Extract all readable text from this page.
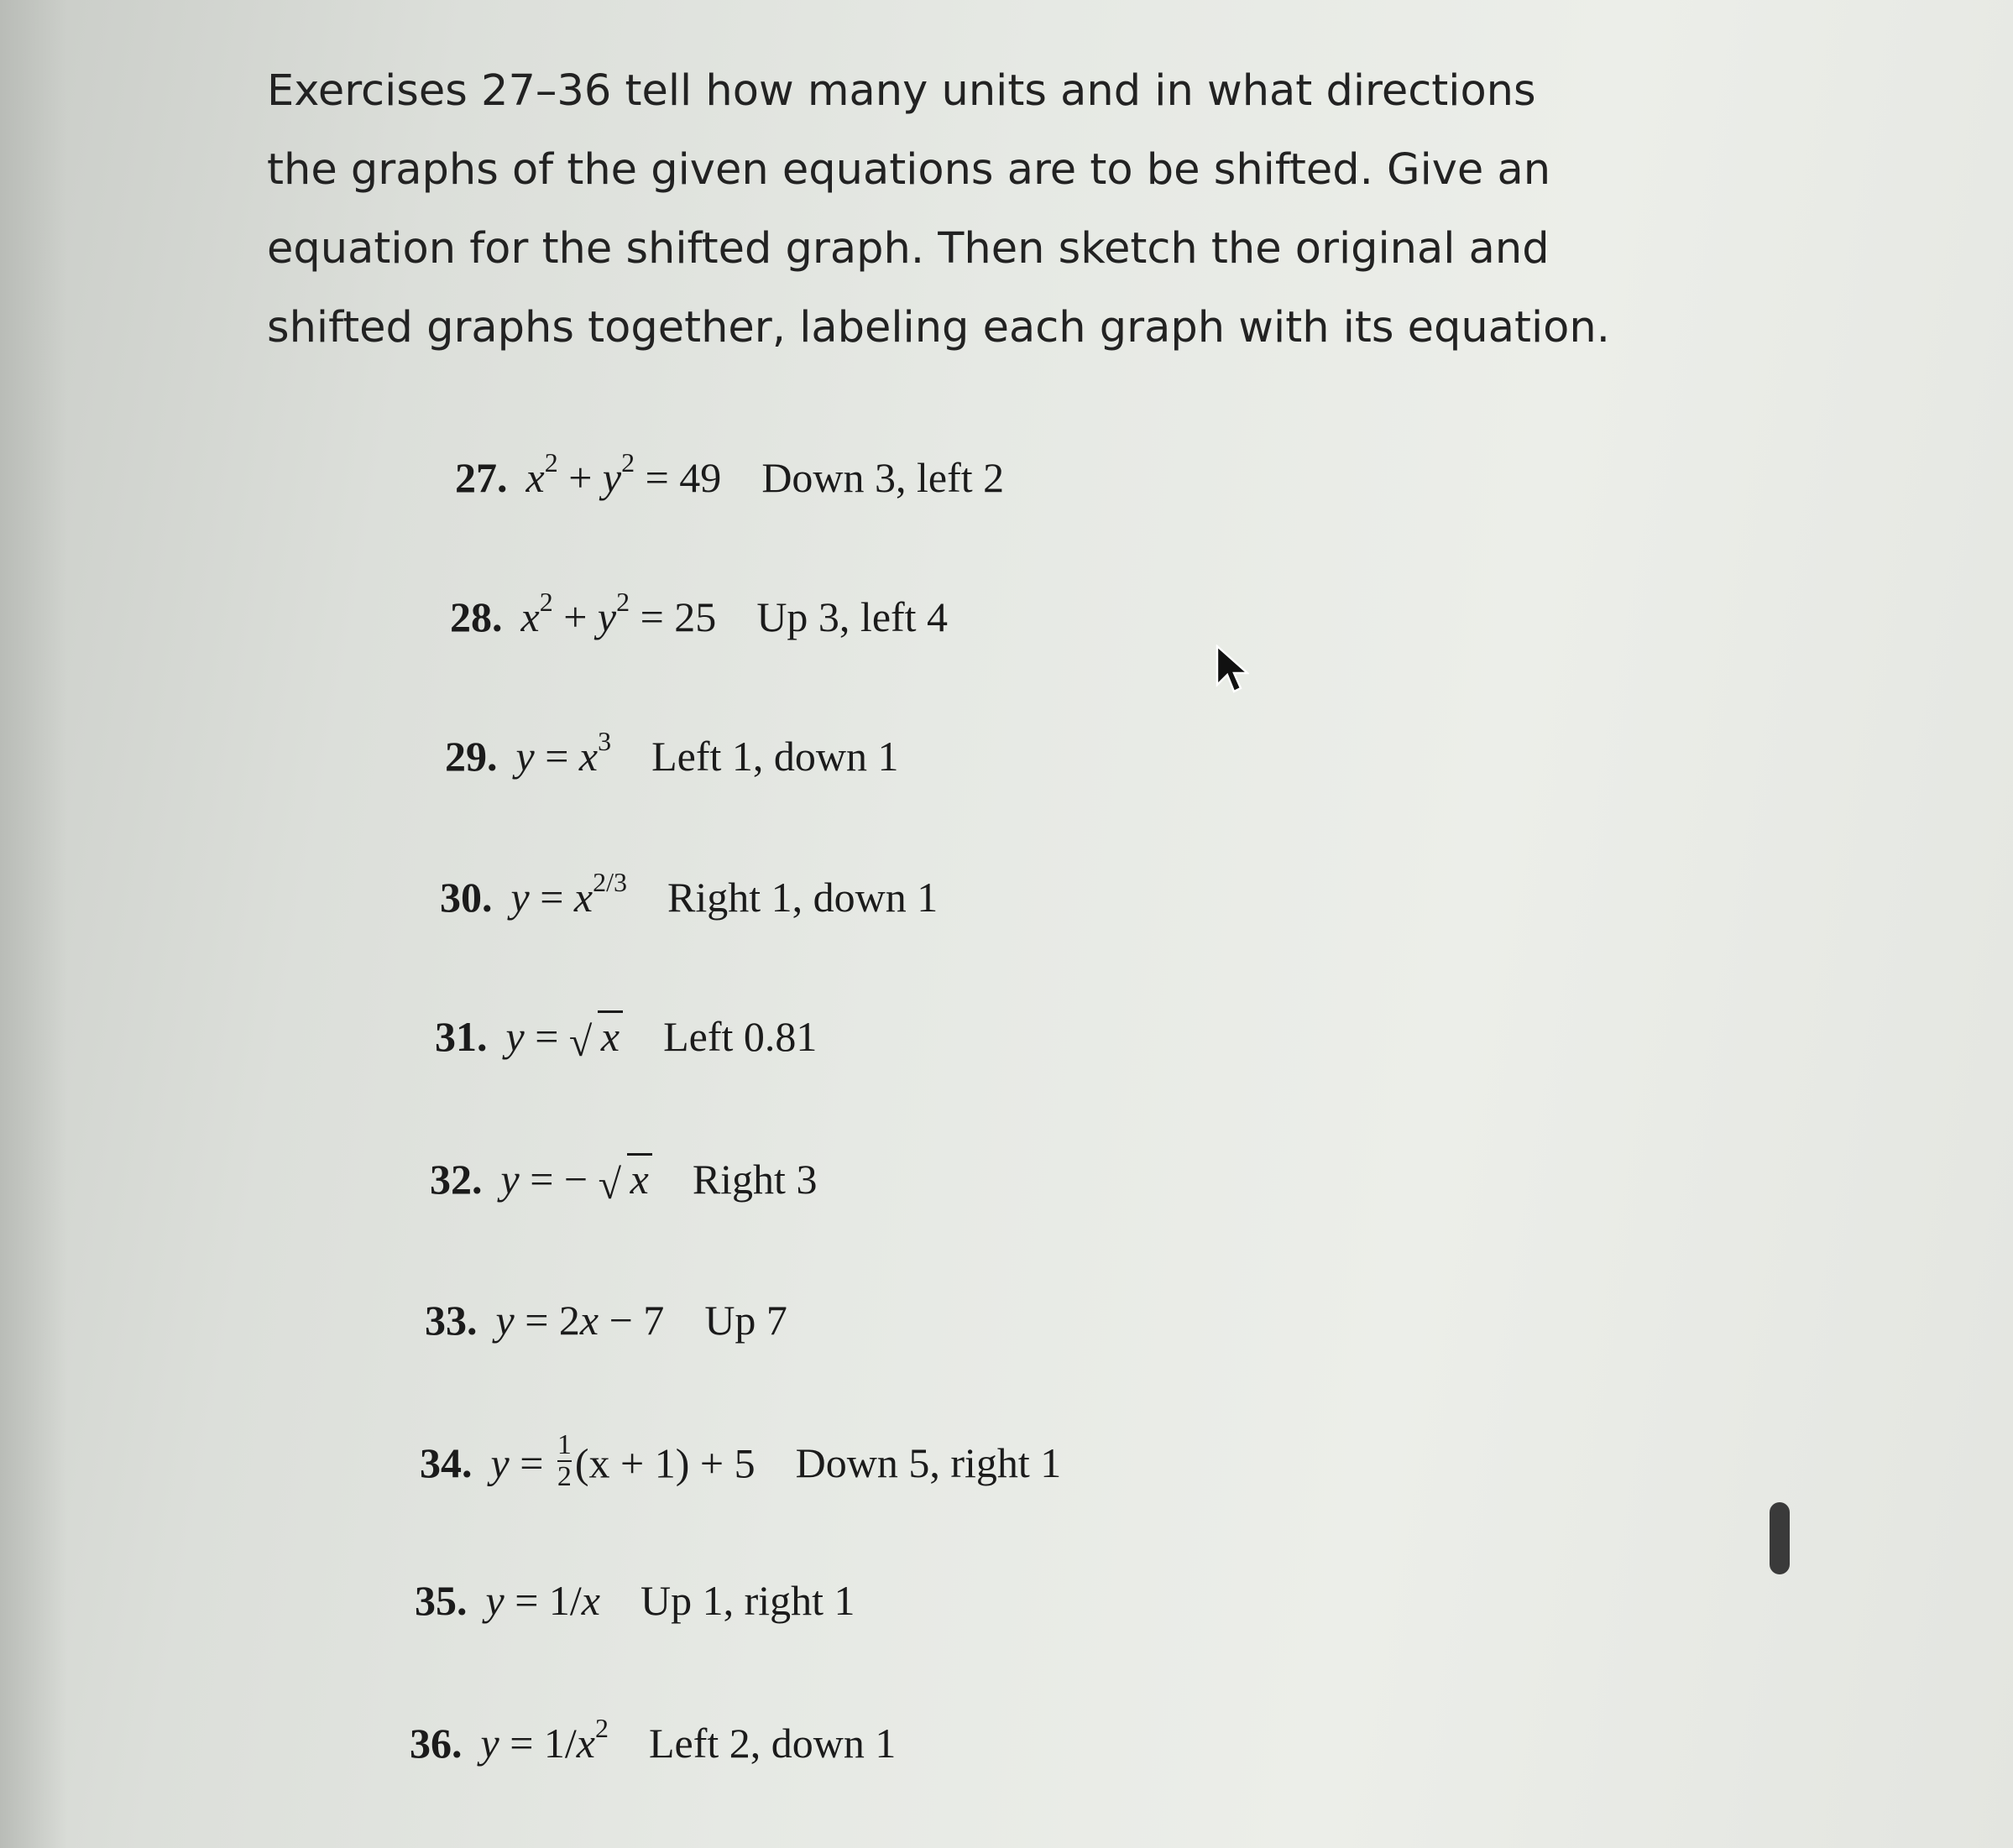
Exercises 27–36 tell how many units and in what directions the graphs of the given equations are to be shifted. Give an equation for the shifted graph. Then sketch the original and shifted graphs together, labeling each graph with its equation.

27. $x^2 + y^2 = 49$ Down 3, left 2
28. $x^2 + y^2 = 25$ Up 3, left 4
29. $y = x^3$ Left 1, down 1
30. $y = x^{2/3}$ Right 1, down 1
31. y = √ x Left 0.81
32. y = − √ x Right 3
33. y = 2x − 7 Up 7
34. $y = \frac{1}{2} (x + 1) + 5$ Down 5, right 1
35. y = 1/x Up 1, right 1
36. $y = 1/x^2$ Left 2, down 1
